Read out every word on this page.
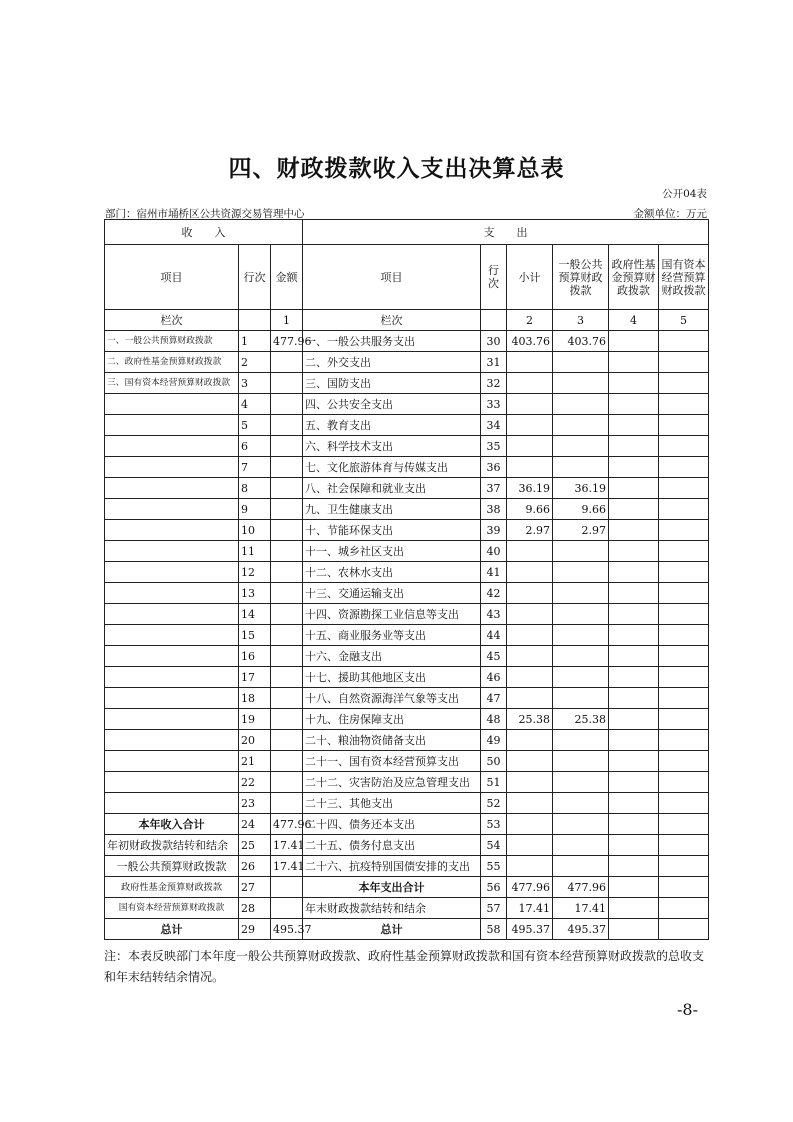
四、财政拨款收入支出决算总表
公开04表
部门：宿州市埇桥区公共资源交易管理中心	金额单位：万元
收　　入			支　　出					
项目	行次	金额	项目	行次	小计	一般公共预算财政拨款	政府性基金预算财政拨款	国有资本经营预算财政拨款
栏次		1	栏次		2	3	4	5
一、一般公共预算财政拨款	1	477.96	一、一般公共服务支出	30	403.76	403.76		
二、政府性基金预算财政拨款	2		二、外交支出	31				
三、国有资本经营预算财政拨款	3		三、国防支出	32				
	4		四、公共安全支出	33				
	5		五、教育支出	34				
	6		六、科学技术支出	35				
	7		七、文化旅游体育与传媒支出	36				
	8		八、社会保障和就业支出	37	36.19	36.19		
	9		九、卫生健康支出	38	9.66	9.66		
	10		十、节能环保支出	39	2.97	2.97		
	11		十一、城乡社区支出	40				
	12		十二、农林水支出	41				
	13		十三、交通运输支出	42				
	14		十四、资源勘探工业信息等支出	43				
	15		十五、商业服务业等支出	44				
	16		十六、金融支出	45				
	17		十七、援助其他地区支出	46				
	18		十八、自然资源海洋气象等支出	47				
	19		十九、住房保障支出	48	25.38	25.38		
	20		二十、粮油物资储备支出	49				
	21		二十一、国有资本经营预算支出	50				
	22		二十二、灾害防治及应急管理支出	51				
	23		二十三、其他支出	52				
本年收入合计	24	477.96	二十四、债务还本支出	53				
年初财政拨款结转和结余	25	17.41	二十五、债务付息支出	54				
一般公共预算财政拨款	26	17.41	二十六、抗疫特别国债安排的支出	55				
政府性基金预算财政拨款	27		本年支出合计	56	477.96	477.96		
国有资本经营预算财政拨款	28		年末财政拨款结转和结余	57	17.41	17.41		
总计	29	495.37	总计	58	495.37	495.37		
注：本表反映部门本年度一般公共预算财政拨款、政府性基金预算财政拨款和国有资本经营预算财政拨款的总收支和年末结转结余情况。
-8-
